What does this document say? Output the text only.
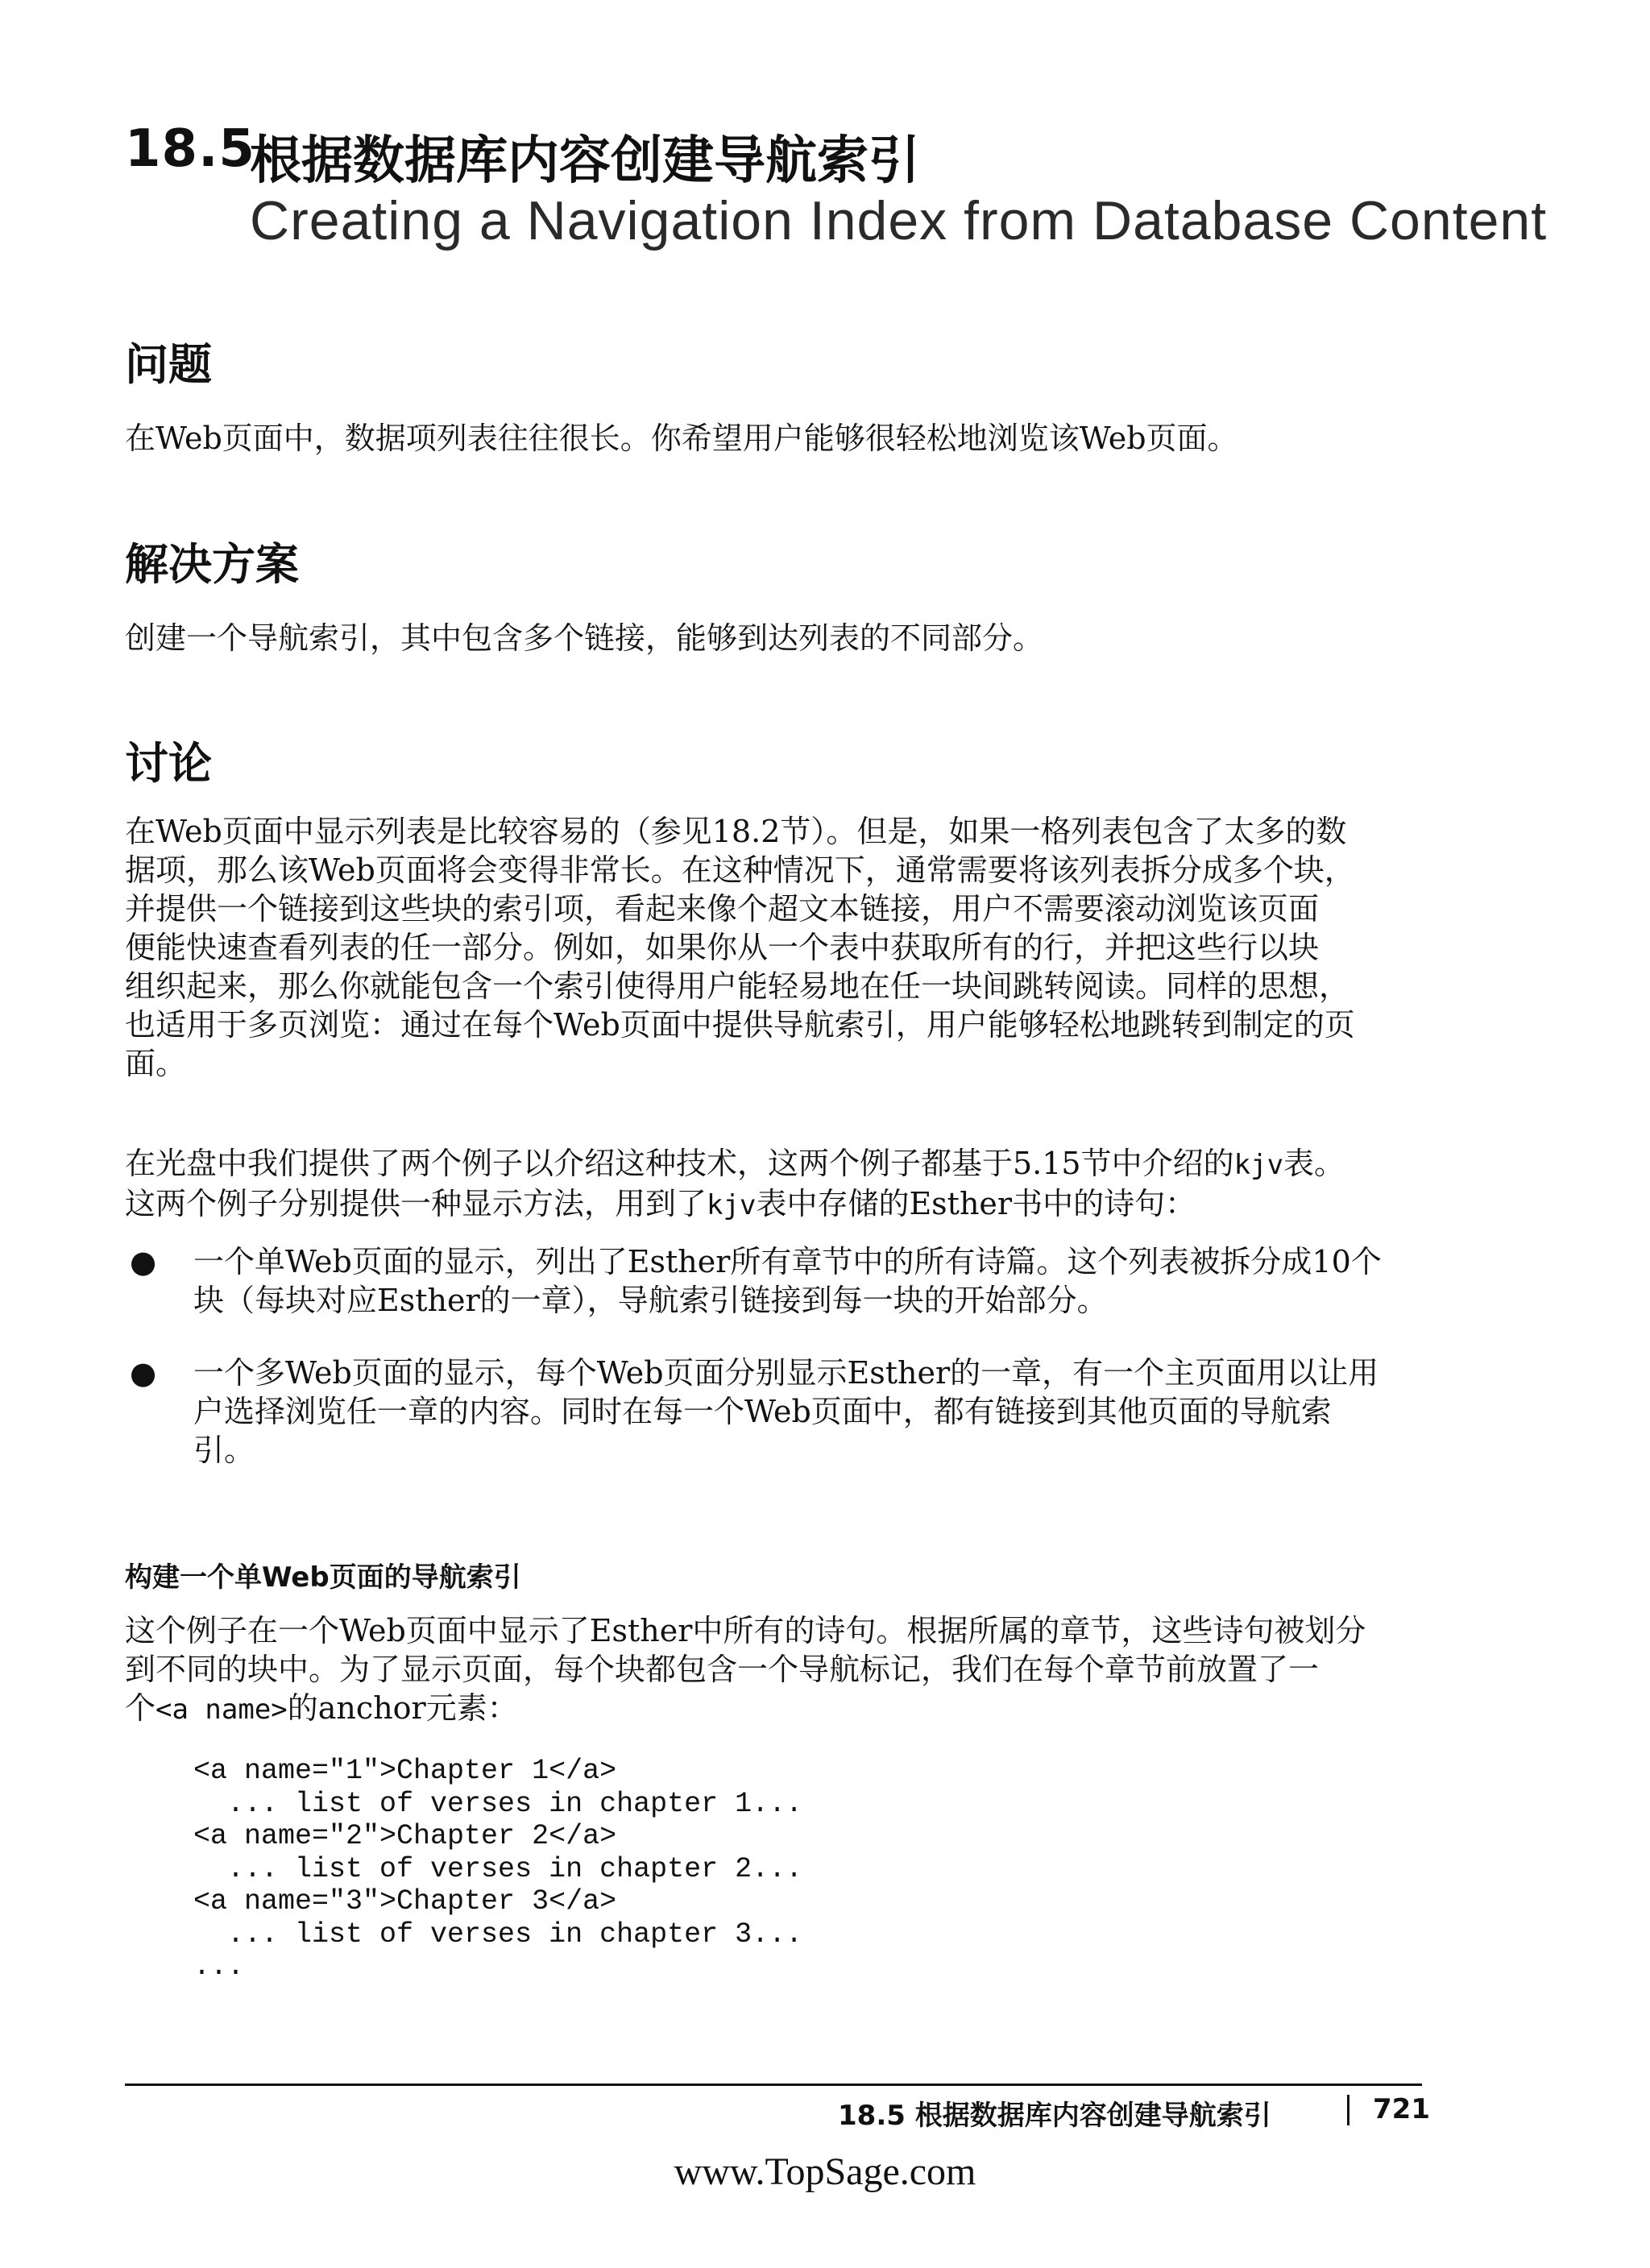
18.5
根据数据库内容创建导航索引
Creating a Navigation Index from Database Content
问题
在Web页面中，数据项列表往往很长。你希望用户能够很轻松地浏览该Web页面。
解决方案
创建一个导航索引，其中包含多个链接，能够到达列表的不同部分。
讨论
在Web页面中显示列表是比较容易的（参见18.2节）。但是，如果一格列表包含了太多的数
据项，那么该Web页面将会变得非常长。在这种情况下，通常需要将该列表拆分成多个块，
并提供一个链接到这些块的索引项，看起来像个超文本链接，用户不需要滚动浏览该页面
便能快速查看列表的任一部分。例如，如果你从一个表中获取所有的行，并把这些行以块
组织起来，那么你就能包含一个索引使得用户能轻易地在任一块间跳转阅读。同样的思想，
也适用于多页浏览：通过在每个Web页面中提供导航索引，用户能够轻松地跳转到制定的页
面。
在光盘中我们提供了两个例子以介绍这种技术，这两个例子都基于5.15节中介绍的kjv表。
这两个例子分别提供一种显示方法，用到了kjv表中存储的Esther书中的诗句：
● 一个单Web页面的显示，列出了Esther所有章节中的所有诗篇。这个列表被拆分成10个
块（每块对应Esther的一章），导航索引链接到每一块的开始部分。
● 一个多Web页面的显示，每个Web页面分别显示Esther的一章，有一个主页面用以让用
户选择浏览任一章的内容。同时在每一个Web页面中，都有链接到其他页面的导航索
引。
构建一个单Web页面的导航索引
这个例子在一个Web页面中显示了Esther中所有的诗句。根据所属的章节，这些诗句被划分
到不同的块中。为了显示页面，每个块都包含一个导航标记，我们在每个章节前放置了一
个<a name>的anchor元素：
<a name="1">Chapter 1</a>
... list of verses in chapter 1...
<a name="2">Chapter 2</a>
... list of verses in chapter 2...
<a name="3">Chapter 3</a>
... list of verses in chapter 3...
...
18.5 根据数据库内容创建导航索引	721
www.TopSage.com
